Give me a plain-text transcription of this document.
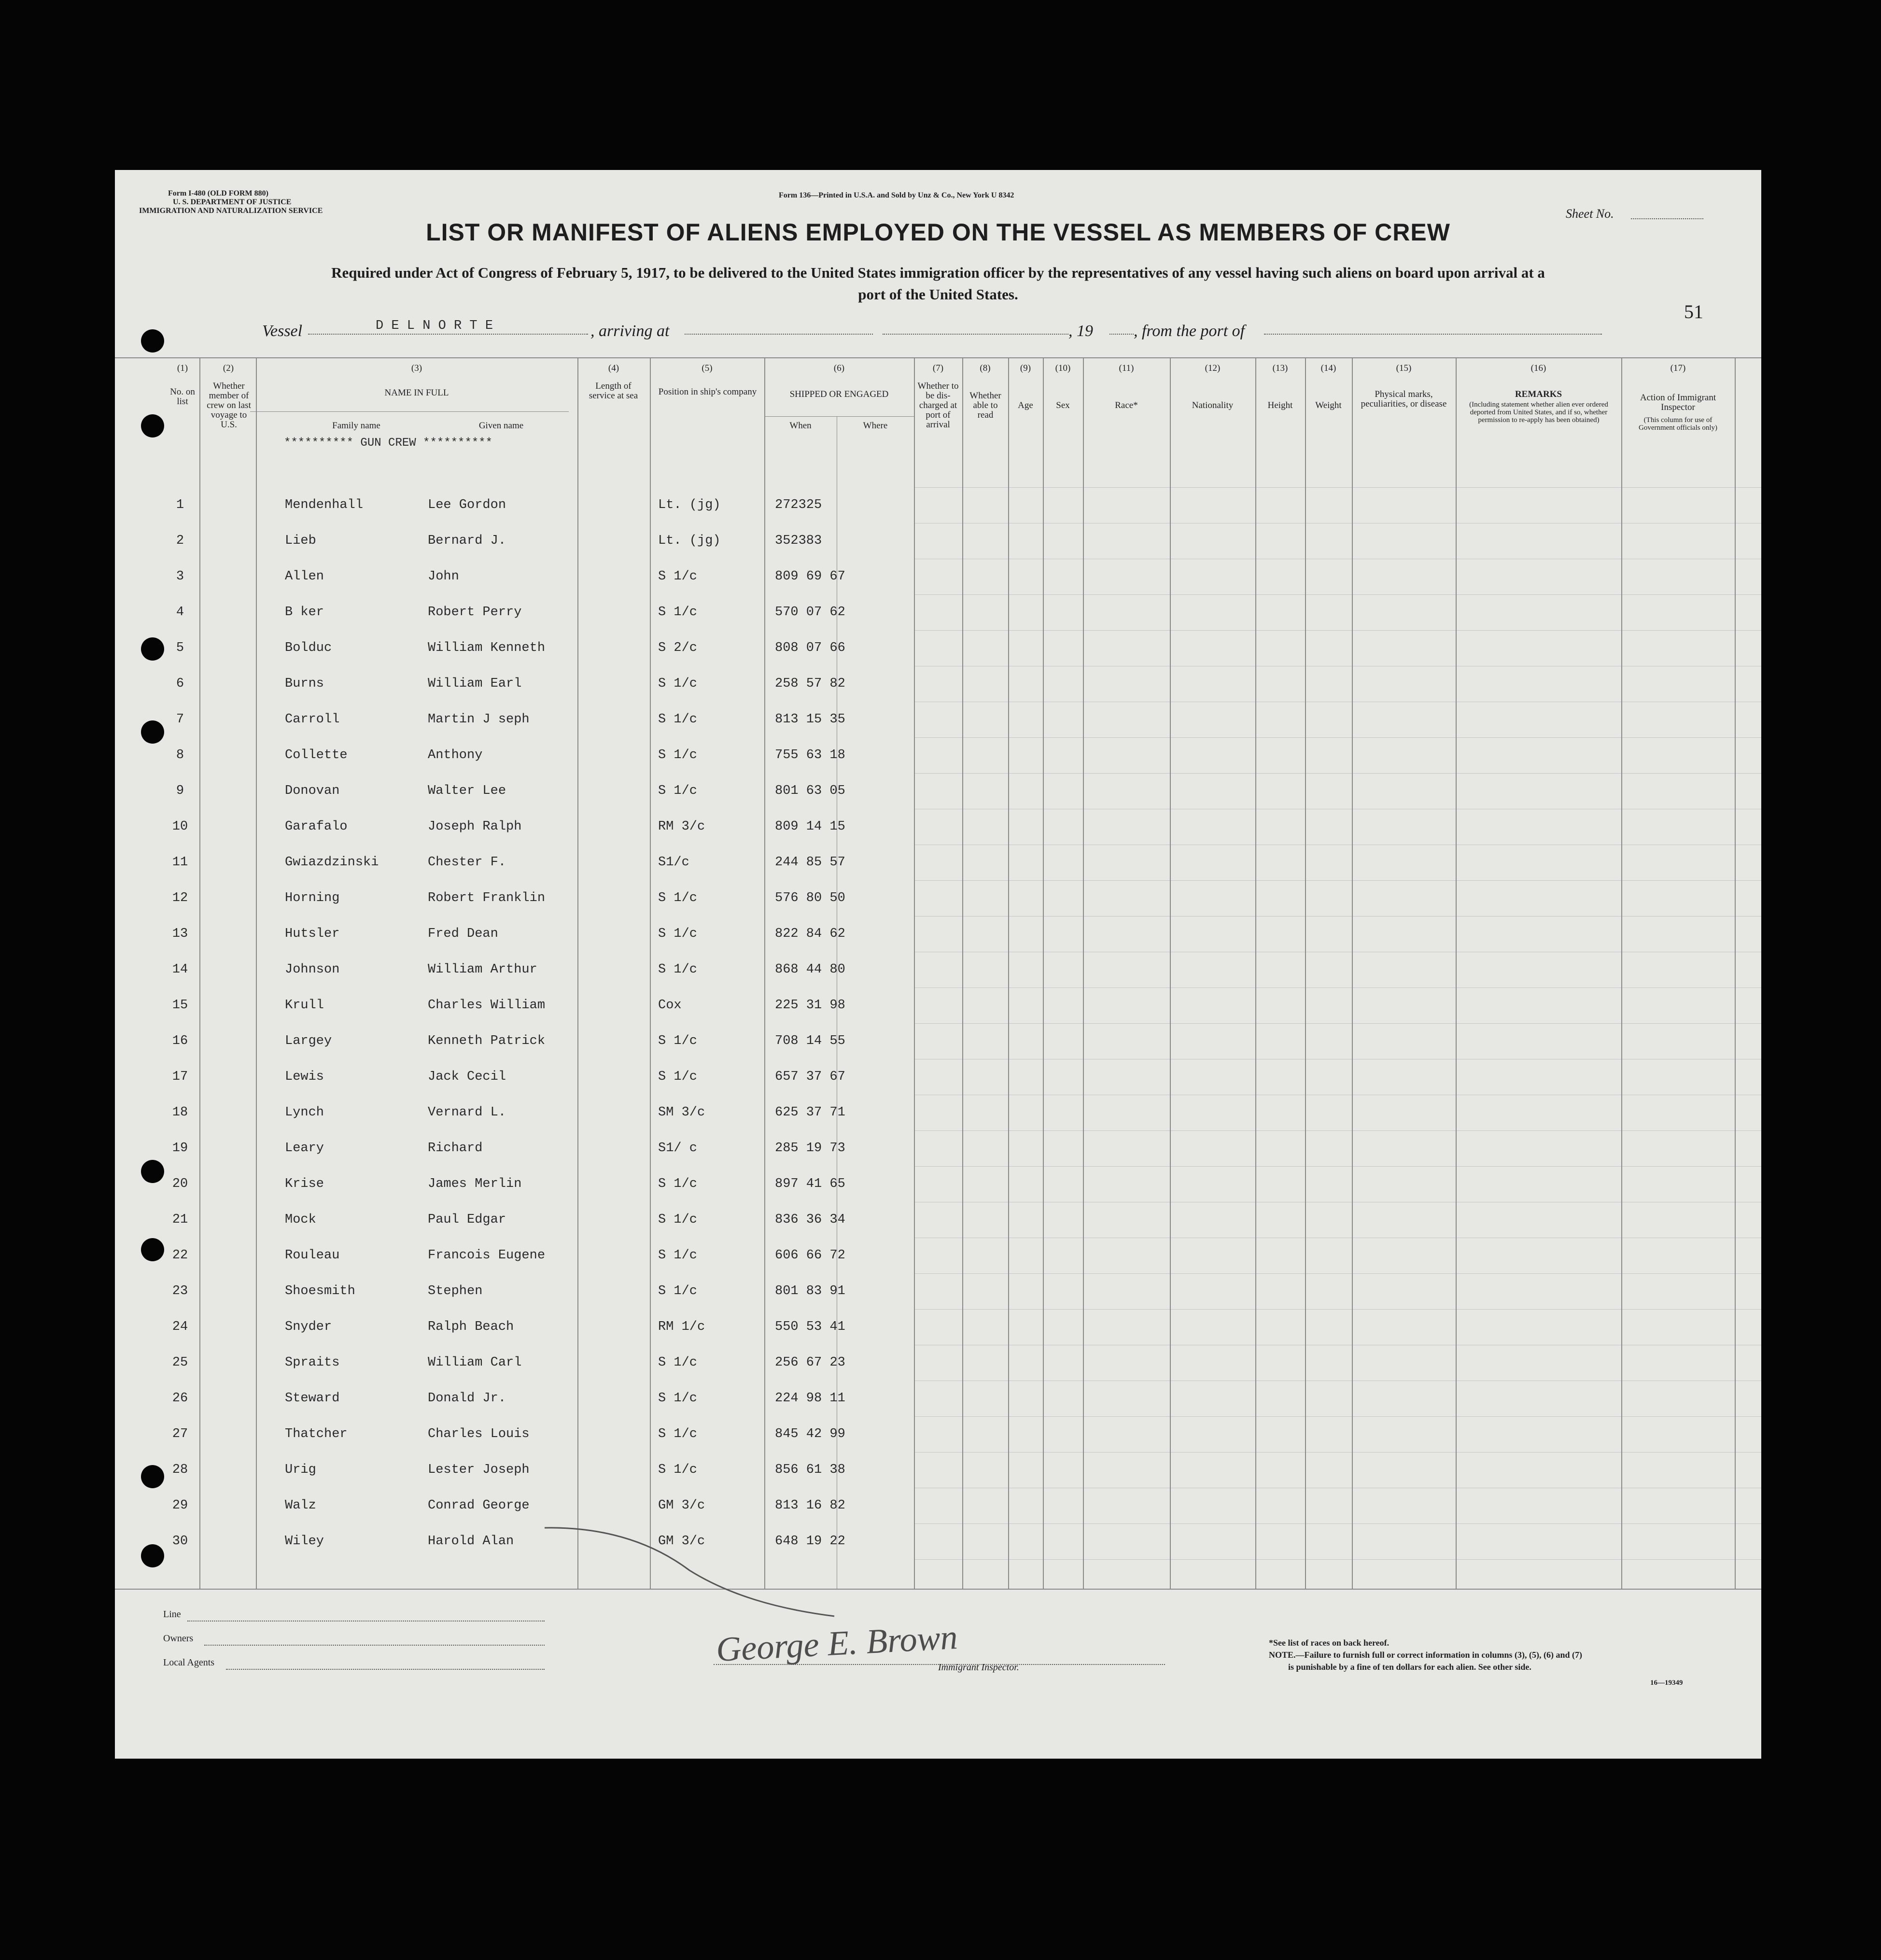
Form I-480 (OLD FORM 880)
U. S. DEPARTMENT OF JUSTICE
IMMIGRATION AND NATURALIZATION SERVICE
Form 136—Printed in U.S.A. and Sold by Unz & Co., New York U 8342
Sheet No.
LIST OR MANIFEST OF ALIENS EMPLOYED ON THE VESSEL AS MEMBERS OF CREW
Required under Act of Congress of February 5, 1917, to be delivered to the United States immigration officer by the representatives of any vessel having such aliens on board upon arrival at a
port of the United States.
51
Vessel	D E L N O R T E	, arriving at	, 19 , from the port of
(1)	(2)	(3)	(4)	(5)	(6)	(7)	(8)	(9)	(10)	(11)	(12)	(13)	(14)	(15)	(16)	(17)
No. on list
Whether member of crew on last voyage to U.S.
NAME IN FULL
Family name	Given name
Length of service at sea	Position in ship's company	SHIPPED OR ENGAGED
When	Where
Whether to be dis-charged at port of arrival
Whether able to read
Age	Sex	Race*	Nationality	Height	Weight
Physical marks, peculiarities, or disease
REMARKS
(Including statement whether alien ever ordered deported from United States, and if so, whether permission to re-apply has been obtained)
Action of Immigrant Inspector
(This column for use of Government officials only)
********** GUN CREW **********
1	Mendenhall	Lee Gordon	Lt. (jg)	272325
2	Lieb	Bernard J.	Lt. (jg)	352383
3	Allen	John	S 1/c	809 69 67
4	B ker	Robert Perry	S 1/c	570 07 62
5	Bolduc	William Kenneth	S 2/c	808 07 66
6	Burns	William Earl	S 1/c	258 57 82
7	Carroll	Martin J seph	S 1/c	813 15 35
8	Collette	Anthony	S 1/c	755 63 18
9	Donovan	Walter Lee	S 1/c	801 63 05
10	Garafalo	Joseph Ralph	RM 3/c	809 14 15
11	Gwiazdzinski	Chester F.	S1/c	244 85 57
12	Horning	Robert Franklin	S 1/c	576 80 50
13	Hutsler	Fred Dean	S 1/c	822 84 62
14	Johnson	William Arthur	S 1/c	868 44 80
15	Krull	Charles William	Cox	225 31 98
16	Largey	Kenneth Patrick	S 1/c	708 14 55
17	Lewis	Jack Cecil	S 1/c	657 37 67
18	Lynch	Vernard L.	SM 3/c	625 37 71
19	Leary	Richard	S1/ c	285 19 73
20	Krise	James Merlin	S 1/c	897 41 65
21	Mock	Paul Edgar	S 1/c	836 36 34
22	Rouleau	Francois Eugene	S 1/c	606 66 72
23	Shoesmith	Stephen	S 1/c	801 83 91
24	Snyder	Ralph Beach	RM 1/c	550 53 41
25	Spraits	William Carl	S 1/c	256 67 23
26	Steward	Donald Jr.	S 1/c	224 98 11
27	Thatcher	Charles Louis	S 1/c	845 42 99
28	Urig	Lester Joseph	S 1/c	856 61 38
29	Walz	Conrad George	GM 3/c	813 16 82
30	Wiley	Harold Alan	GM 3/c	648 19 22
Line
Owners
Local Agents	George E. Brown
Immigrant Inspector.
*See list of races on back hereof.
NOTE.—Failure to furnish full or correct information in columns (3), (5), (6) and (7)
is punishable by a fine of ten dollars for each alien. See other side.
16—19349
